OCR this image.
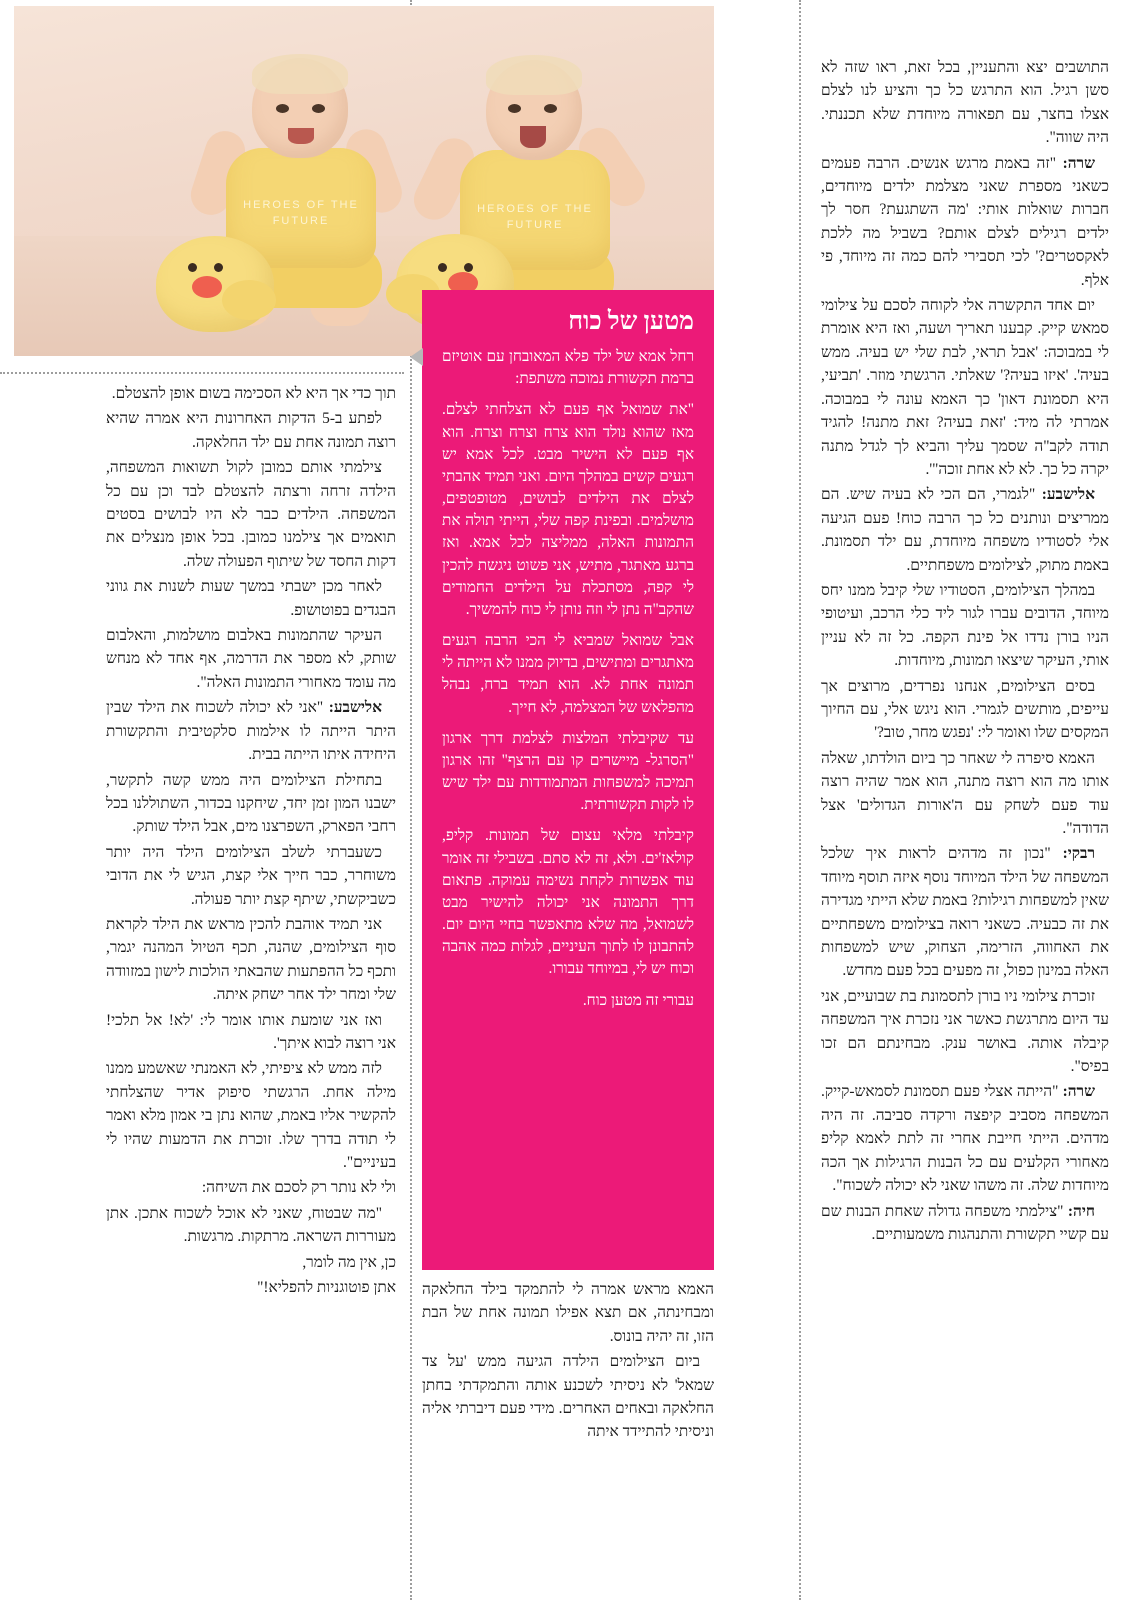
HEROES OF THE FUTURE
HEROES OF THE FUTURE
מטען של כוח

רחל אמא של ילד פלא המאובחן עם אוטיזם ברמת תקשורת נמוכה משתפת:

"את שמואל אף פעם לא הצלחתי לצלם. מאז שהוא נולד הוא צרח וצרח וצרח. הוא אף פעם לא הישיר מבט. לכל אמא יש רגעים קשים במהלך היום. ואני תמיד אהבתי לצלם את הילדים לבושים, מטופטפים, מושלמים. ובפינת קפה שלי, הייתי תולה את התמונות האלה, ממליצה לכל אמא. ואז ברגע מאתגר, מתיש, אני פשוט ניגשת להכין לי קפה, מסתכלת על הילדים החמודים שהקב"ה נתן לי וזה נותן לי כוח להמשיך.

אבל שמואל שמביא לי הכי הרבה רגעים מאתגרים ומתישים, בדיוק ממנו לא הייתה לי תמונה אחת לא. הוא תמיד ברח, נבהל מהפלאש של המצלמה, לא חייך.

עד שקיבלתי המלצות לצלמת דרך ארגון "הסרגל- מיישרים קו עם הרצף" זהו ארגון תמיכה למשפחות המתמודדות עם ילד שיש לו לקות תקשורתית.

קיבלתי מלאי עצום של תמונות. קליפ, קולאז'ים. ולא, זה לא סתם. בשבילי זה אומר עוד אפשרות לקחת נשימה עמוקה. פתאום דרך התמונה אני יכולה להישיר מבט לשמואל, מה שלא מתאפשר בחיי היום יום. להתבונן לו לתוך העיניים, לגלות כמה אהבה וכוח יש לי, במיוחד עבורו.

עבורי זה מטען כוח.

התושבים יצא והתעניין, בכל זאת, ראו שזה לא סשן רגיל. הוא התרגש כל כך והציע לנו לצלם אצלו בחצר, עם תפאורה מיוחדת שלא תכננתי. היה שווה".

שרה: "זה באמת מרגש אנשים. הרבה פעמים כשאני מספרת שאני מצלמת ילדים מיוחדים, חברות שואלות אותי: 'מה השתגעת? חסר לך ילדים רגילים לצלם אותם? בשביל מה ללכת לאקסטרים?' לכי תסבירי להם כמה זה מיוחד, פי אלף.

יום אחד התקשרה אלי לקוחה לסכם על צילומי סמאש קייק. קבענו תאריך ושעה, ואז היא אומרת לי במבוכה: 'אבל תראי, לבת שלי יש בעיה. ממש בעיה'. 'איזו בעיה?' שאלתי. הרגשתי מוזר. 'תביעי, היא תסמונת דאון' כך האמא עונה לי במבוכה. אמרתי לה מיד: 'זאת בעיה? זאת מתנה! להגיד תודה לקב"ה שסמך עליך והביא לך לגדל מתנה יקרה כל כך. לא לא אחת זוכה"'.

אלישבע: "לגמרי, הם הכי לא בעיה שיש. הם ממריצים ונותנים כל כך הרבה כוח! פעם הגיעה אלי לסטודיו משפחה מיוחדת, עם ילד תסמונת. באמת מתוק, לצילומים משפחתיים.

במהלך הצילומים, הסטודיו שלי קיבל ממנו יחס מיוחד, הדובים עברו לגור ליד כלי הרכב, ועיטופי הניו בורן נדדו אל פינת הקפה. כל זה לא עניין אותי, העיקר שיצאו תמונות, מיוחדות.

בסים הצילומים, אנחנו נפרדים, מרוצים אך עייפים, מותשים לגמרי. הוא ניגש אלי, עם החיוך המקסים שלו ואומר לי: 'נפגש מחר, טוב?'

האמא סיפרה לי שאחר כך ביום הולדתו, שאלה אותו מה הוא רוצה מתנה, הוא אמר שהיה רוצה עוד פעם לשחק עם ה'אורות הגדולים' אצל הדודה".

רבקי: "נכון זה מדהים לראות איך שלכל המשפחה של הילד המיוחד נוסף איזה תוסף מיוחד שאין למשפחות רגילות? באמת שלא הייתי מגדירה את זה כבעיה. כשאני רואה בצילומים משפחתיים את האחווה, הזרימה, הצחוק, שיש למשפחות האלה במינון כפול, זה מפעים בכל פעם מחדש.

זוכרת צילומי ניו בורן לתסמונת בת שבועיים, אני עד היום מתרגשת כאשר אני נזכרת איך המשפחה קיבלה אותה. באושר ענק. מבחינתם הם זכו בפיס".

שרה: "הייתה אצלי פעם תסמונת לסמאש-קייק. המשפחה מסביב קיפצה ורקדה סביבה. זה היה מדהים. הייתי חייבת אחרי זה לתת לאמא קליפ מאחורי הקלעים עם כל הבנות הרגילות אך הכה מיוחדות שלה. זה משהו שאני לא יכולה לשכוח".

חיה: "צילמתי משפחה גדולה שאחת הבנות שם עם קשיי תקשורת והתנהגות משמעותיים.

האמא מראש אמרה לי להתמקד בילד החלאקה ומבחינתה, אם תצא אפילו תמונה אחת של הבת הזו, זה יהיה בונוס.

ביום הצילומים הילדה הגיעה ממש 'על צד שמאל' לא ניסיתי לשכנע אותה והתמקדתי בחתן החלאקה ובאחים האחרים. מידי פעם דיברתי אליה וניסיתי להתיידד איתה

תוך כדי אך היא לא הסכימה בשום אופן להצטלם.

לפתע ב-5 הדקות האחרונות היא אמרה שהיא רוצה תמונה אחת עם ילד החלאקה.

צילמתי אותם כמובן לקול תשואות המשפחה, הילדה זרחה ורצתה להצטלם לבד וכן עם כל המשפחה. הילדים כבר לא היו לבושים בסטים תואמים אך צילמנו כמובן. בכל אופן מנצלים את דקות החסד של שיתוף הפעולה שלה.

לאחר מכן ישבתי במשך שעות לשנות את גווני הבגדים בפוטושופ.

העיקר שהתמונות באלבום מושלמות, והאלבום שותק, לא מספר את הדרמה, אף אחד לא מנחש מה עומד מאחורי התמונות האלה".

אלישבע: "אני לא יכולה לשכוח את הילד שבין היתר הייתה לו אילמות סלקטיבית והתקשורת היחידה איתו הייתה בבית.

בתחילת הצילומים היה ממש קשה לתקשר, ישבנו המון זמן יחד, שיחקנו בכדור, השתוללנו בכל רחבי הפארק, השפרצנו מים, אבל הילד שותק.

כשעברתי לשלב הצילומים הילד היה יותר משוחרר, כבר חייך אלי קצת, הגיש לי את הדובי כשביקשתי, שיתף קצת יותר פעולה.

אני תמיד אוהבת להכין מראש את הילד לקראת סוף הצילומים, שהנה, תכף הטיול המהנה יגמר, ותכף כל ההפתעות שהבאתי הולכות לישון במזוודה שלי ומחר ילד אחר ישחק איתה.

ואז אני שומעת אותו אומר לי: 'לא! אל תלכי! אני רוצה לבוא איתך'.

לזה ממש לא ציפיתי, לא האמנתי שאשמע ממנו מילה אחת. הרגשתי סיפוק אדיר שהצלחתי להקשיר אליו באמת, שהוא נתן בי אמון מלא ואמר לי תודה בדרך שלו. זוכרת את הדמעות שהיו לי בעיניים".

ולי לא נותר רק לסכם את השיחה:

"מה שבטוח, שאני לא אוכל לשכוח אתכן. אתן מעוררות השראה. מרתקות. מרגשות.

כן, אין מה לומר,

אתן פוטוגניות להפליא!"
